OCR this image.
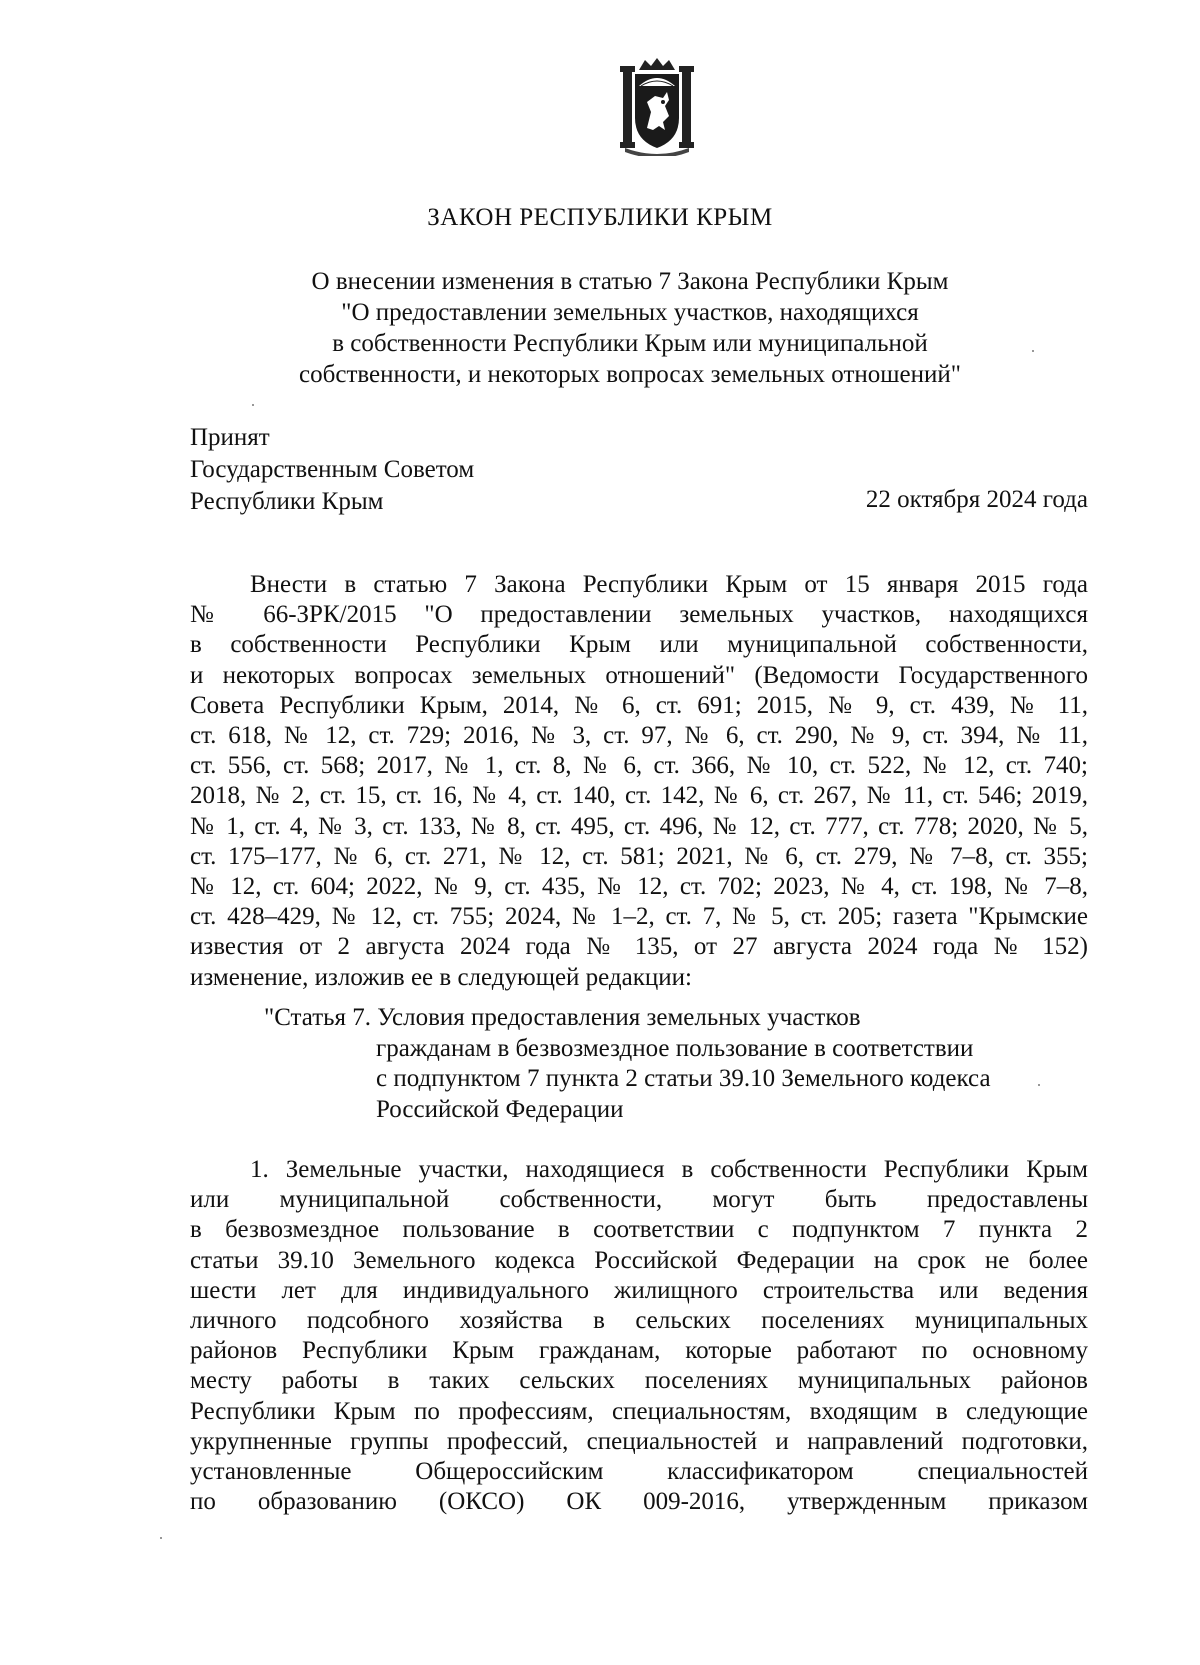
ЗАКОН РЕСПУБЛИКИ КРЫМ
О внесении изменения в статью 7 Закона Республики Крым
"О предоставлении земельных участков, находящихся
в собственности Республики Крым или муниципальной
собственности, и некоторых вопросах земельных отношений"
Принят
Государственным Советом
Республики Крым	22 октября 2024 года
Внести в статью 7 Закона Республики Крым от 15 января 2015 года
№ 66-ЗРК/2015 "О предоставлении земельных участков, находящихся
в собственности Республики Крым или муниципальной собственности,
и некоторых вопросах земельных отношений" (Ведомости Государственного
Совета Республики Крым, 2014, № 6, ст. 691; 2015, № 9, ст. 439, № 11,
ст. 618, № 12, ст. 729; 2016, № 3, ст. 97, № 6, ст. 290, № 9, ст. 394, № 11,
ст. 556, ст. 568; 2017, № 1, ст. 8, № 6, ст. 366, № 10, ст. 522, № 12, ст. 740;
2018, № 2, ст. 15, ст. 16, № 4, ст. 140, ст. 142, № 6, ст. 267, № 11, ст. 546; 2019,
№ 1, ст. 4, № 3, ст. 133, № 8, ст. 495, ст. 496, № 12, ст. 777, ст. 778; 2020, № 5,
ст. 175–177, № 6, ст. 271, № 12, ст. 581; 2021, № 6, ст. 279, № 7–8, ст. 355;
№ 12, ст. 604; 2022, № 9, ст. 435, № 12, ст. 702; 2023, № 4, ст. 198, № 7–8,
ст. 428–429, № 12, ст. 755; 2024, № 1–2, ст. 7, № 5, ст. 205; газета "Крымские
известия от 2 августа 2024 года № 135, от 27 августа 2024 года № 152)
изменение, изложив ее в следующей редакции:
"Статья 7. Условия предоставления земельных участков
гражданам в безвозмездное пользование в соответствии
с подпунктом 7 пункта 2 статьи 39.10 Земельного кодекса
Российской Федерации
1. Земельные участки, находящиеся в собственности Республики Крым
или муниципальной собственности, могут быть предоставлены
в безвозмездное пользование в соответствии с подпунктом 7 пункта 2
статьи 39.10 Земельного кодекса Российской Федерации на срок не более
шести лет для индивидуального жилищного строительства или ведения
личного подсобного хозяйства в сельских поселениях муниципальных
районов Республики Крым гражданам, которые работают по основному
месту работы в таких сельских поселениях муниципальных районов
Республики Крым по профессиям, специальностям, входящим в следующие
укрупненные группы профессий, специальностей и направлений подготовки,
установленные Общероссийским классификатором специальностей
по образованию (ОКСО) ОК 009-2016, утвержденным приказом
